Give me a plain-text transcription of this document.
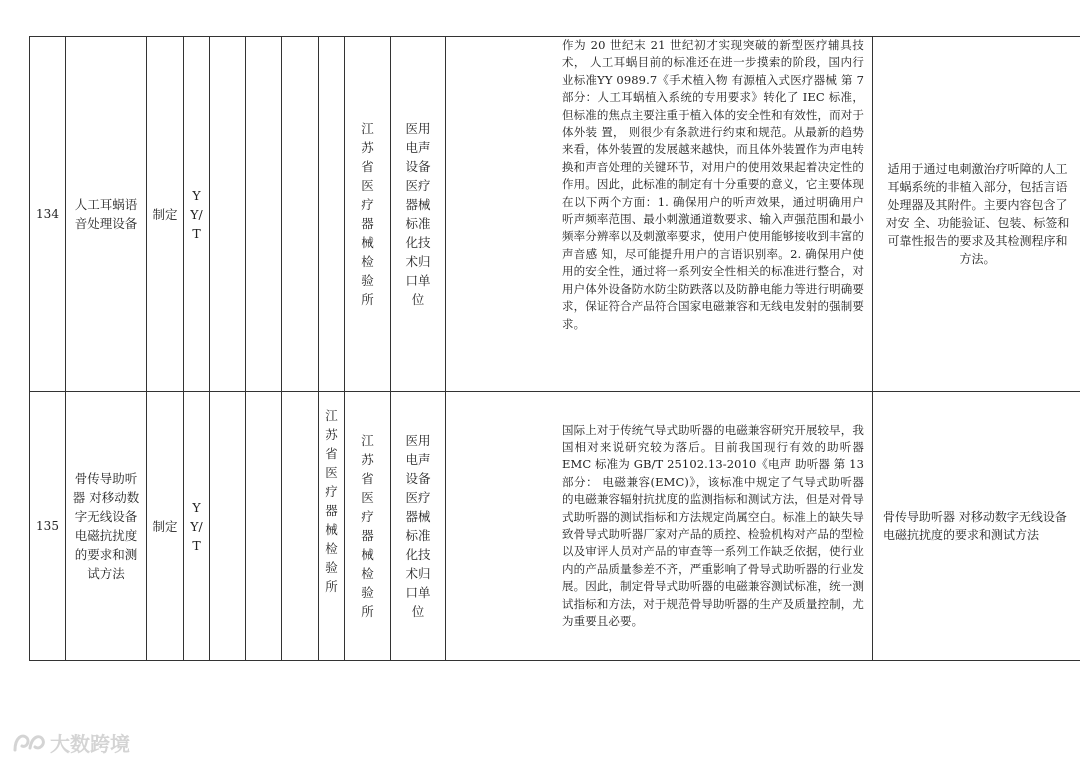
134	人工耳蜗语音处理设备	制定	YY/T					江苏省医疗器械检验所	医用电声设备医疗器械标准化技术归口单位	作为 20 世纪末 21 世纪初才实现突破的新型医疗辅具技术， 人工耳蜗目前的标准还在进一步摸索的阶段，国内行业标准YY 0989.7《手术植入物 有源植入式医疗器械 第 7 部分：人工耳蜗植入系统的专用要求》转化了 IEC 标准，但标准的焦点主要注重于植入体的安全性和有效性，而对于体外装 置， 则很少有条款进行约束和规范。从最新的趋势来看，体外装置的发展越来越快，而且体外装置作为声电转换和声音处理的关键环节，对用户的使用效果起着决定性的作用。因此，此标准的制定有十分重要的意义，它主要体现在以下两个方面：1. 确保用户的听声效果，通过明确用户听声频率范围、最小刺激通道数要求、输入声强范围和最小频率分辨率以及刺激率要求，使用户使用能够接收到丰富的声音感 知，尽可能提升用户的言语识别率。2. 确保用户使用的安全性，通过将一系列安全性相关的标准进行整合，对用户体外设备防水防尘防跌落以及防静电能力等进行明确要求，保证符合产品符合国家电磁兼容和无线电发射的强制要求。	适用于通过电刺激治疗听障的人工耳蜗系统的非植入部分，包括言语处理器及其附件。主要内容包含了对安 全、功能验证、包装、标签和可靠性报告的要求及其检测程序和方法。

135	骨传导助听器 对移动数字无线设备电磁抗扰度的要求和测试方法	制定	YY/T				江苏省医疗器械检验所	江苏省医疗器械检验所	医用电声设备医疗器械标准化技术归口单位	国际上对于传统气导式助听器的电磁兼容研究开展较早，我国相对来说研究较为落后。目前我国现行有效的助听器 EMC 标准为 GB/T 25102.13-2010《电声 助听器 第 13 部分： 电磁兼容(EMC)》，该标准中规定了气导式助听器的电磁兼容辐射抗扰度的监测指标和测试方法，但是对骨导式助听器的测试指标和方法规定尚属空白。标准上的缺失导致骨导式助听器厂家对产品的质控、检验机构对产品的型检以及审评人员对产品的审查等一系列工作缺乏依据，使行业内的产品质量参差不齐，严重影响了骨导式助听器的行业发展。因此，制定骨导式助听器的电磁兼容测试标准，统一测试指标和方法，对于规范骨导助听器的生产及质量控制，尤为重要且必要。	骨传导助听器 对移动数字无线设备电磁抗扰度的要求和测试方法
大数跨境
